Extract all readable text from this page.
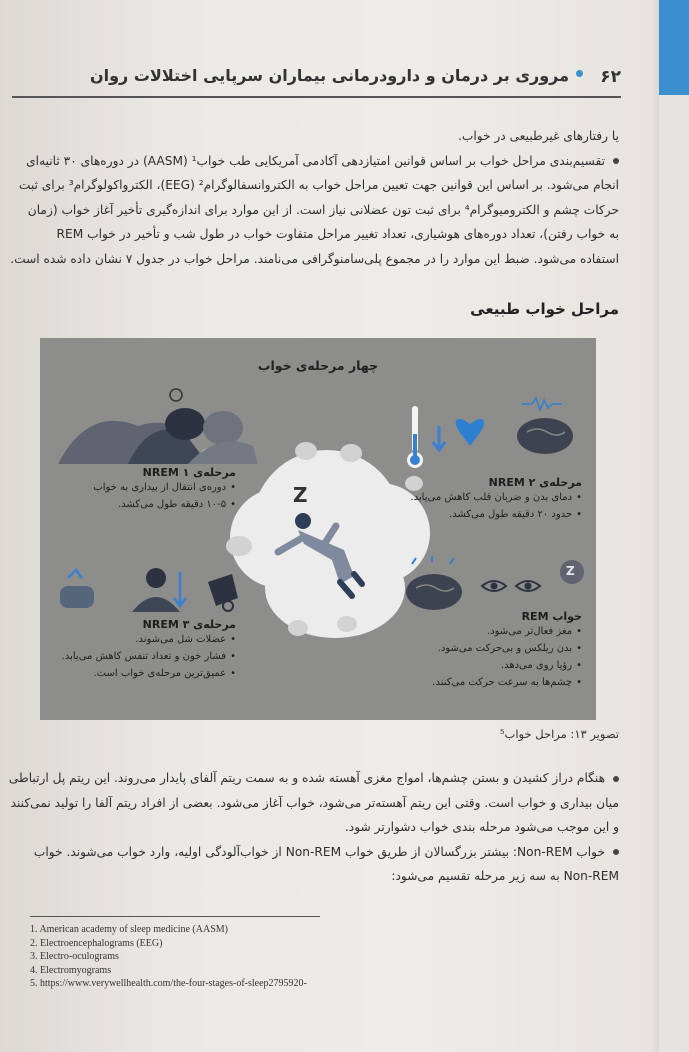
۶۲
مروری بر درمان و دارودرمانی بیماران سرپایی اختلالات روان
یا رفتارهای غیرطبیعی در خواب.
تقسیم‌بندی مراحل خواب بر اساس قوانین امتیازدهی آکادمی آمریکایی طب خواب¹ (AASM) در دوره‌های ۳۰ ثانیه‌ای
انجام می‌شود. بر اساس این قوانین جهت تعیین مراحل خواب به الکتروانسفالوگرام² (EEG)، الکترواکولوگرام³ برای ثبت
حرکات چشم و الکترومیوگرام⁴ برای ثبت تون عضلانی نیاز است. از این موارد برای اندازه‌گیری تأخیر آغاز خواب (زمان
به خواب رفتن)، تعداد دوره‌های هوشیاری، تعداد تغییر مراحل متفاوت خواب در طول شب و تأخیر در خواب REM
استفاده می‌شود. ضبط این موارد را در مجموع پلی‌سامنوگرافی می‌نامند. مراحل خواب در جدول ۷ نشان داده شده است.
مراحل خواب طبیعی
چهار مرحله‌ی خواب
Z
Z
مرحله‌ی ۱ NREM
• دوره‌ی انتقال از بیداری به خواب
• ۱۰-۵ دقیقه طول می‌کشد.
مرحله‌ی ۲ NREM
• دمای بدن و ضربان قلب کاهش می‌یابد.
• حدود ۲۰ دقیقه طول می‌کشد.
مرحله‌ی ۳ NREM
• عضلات شل می‌شوند.
• فشار خون و تعداد تنفس کاهش می‌یابد.
• عمیق‌ترین مرحله‌ی خواب است.
خواب REM
• مغز فعال‌تر می‌شود.
• بدن ریلکس و بی‌حرکت می‌شود.
• رؤیا روی می‌دهد.
• چشم‌ها به سرعت حرکت می‌کنند.
تصویر ۱۳: مراحل خواب⁵
هنگام دراز کشیدن و بستن چشم‌ها، امواج مغزی آهسته شده و به سمت ریتم آلفای پایدار می‌روند. این ریتم پل ارتباطی
میان بیداری و خواب است. وقتی این ریتم آهسته‌تر می‌شود، خواب آغاز می‌شود. بعضی از افراد ریتم آلفا را تولید نمی‌کنند
و این موجب می‌شود مرحله بندی خواب دشوارتر شود.
خواب Non-REM: بیشتر بزرگسالان از طریق خواب Non-REM از خواب‌آلودگی اولیه، وارد خواب می‌شوند. خواب
Non-REM به سه زیر مرحله تقسیم می‌شود:
1. American academy of sleep medicine (AASM)
2. Electroencephalograms (EEG)
3. Electro-oculograms
4. Electromyograms
5. https://www.verywellhealth.com/the-four-stages-of-sleep2795920-
